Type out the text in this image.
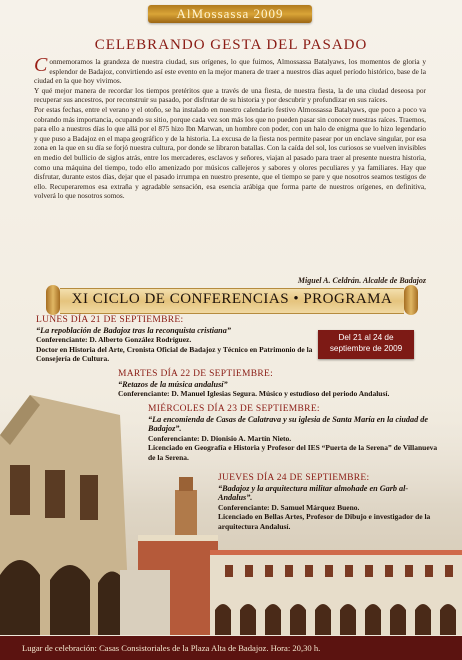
AlMossassa 2009
CELEBRANDO GESTA DEL PASADO

Conmemoramos la grandeza de nuestra ciudad, sus orígenes, lo que fuimos, Almossassa Batalyaws, los momentos de gloria y esplendor de Badajoz, convirtiendo así este evento en la mejor manera de traer a nuestros días aquel período histórico, base de la ciudad en la que hoy vivimos.

Y qué mejor manera de recordar los tiempos pretéritos que a través de una fiesta, de nuestra fiesta, la de una ciudad deseosa por recuperar sus ancestros, por reconstruir su pasado, por disfrutar de su historia y por descubrir y profundizar en sus raíces.

Por estas fechas, entre el verano y el otoño, se ha instalado en nuestro calendario festivo Almossassa Batalyaws, que poco a poco va cobrando más importancia, ocupando su sitio, porque cada vez son más los que no pueden pasar sin conocer nuestras raíces. Traemos, para ello a nuestros días lo que allá por el 875 hizo Ibn Marwan, un hombre con poder, con un halo de enigma que lo hizo legendario y que puso a Badajoz en el mapa geográfico y de la historia. La excusa de la fiesta nos permite pasear por un enclave singular, por esa zona en la que en su día se forjó nuestra cultura, por donde se libraron batallas. Con la caída del sol, los curiosos se vuelven invisibles en medio del bullicio de siglos atrás, entre los mercaderes, esclavos y señores, viajan al pasado para traer al presente nuestra historia, como una máquina del tiempo, todo ello amenizado por músicos callejeros y sabores y olores peculiares y ya familiares. Hay que disfrutar, durante estos días, dejar que el pasado irrumpa en nuestro presente, que el tiempo se pare y que nosotros seamos testigos de ello. Recuperaremos esa extraña y agradable sensación, esa esencia arábiga que forma parte de nuestros orígenes, en definitiva, volverá lo que nosotros somos.

Miguel A. Celdrán. Alcalde de Badajoz
XI CICLO DE CONFERENCIAS • PROGRAMA
Del 21 al 24 de septiembre de 2009
LUNES DÍA 21 DE SEPTIEMBRE:
“La repoblación de Badajoz tras la reconquista cristiana”
Conferenciante: D. Alberto González Rodríguez.
Doctor en Historia del Arte, Cronista Oficial de Badajoz y Técnico en Patrimonio de la Consejería de Cultura.
MARTES DÍA 22 DE SEPTIEMBRE:
“Retazos de la música andalusí”
Conferenciante: D. Manuel Iglesias Segura. Músico y estudioso del periodo Andalusí.
MIÉRCOLES DÍA 23 DE SEPTIEMBRE:
“La encomienda de Casas de Calatrava y su iglesia de Santa María en la ciudad de Badajoz”.
Conferenciante: D. Dionisio A. Martín Nieto.
Licenciado en Geografía e Historia y Profesor del IES “Puerta de la Serena” de Villanueva de la Serena.
JUEVES DÍA 24 DE SEPTIEMBRE:
“Badajoz y la arquitectura militar almohade en Garb al-Andalus”.
Conferenciante: D. Samuel Márquez Bueno.
Licenciado en Bellas Artes, Profesor de Dibujo e investigador de la arquitectura Andalusí.
Lugar de celebración: Casas Consistoriales de la Plaza Alta de Badajoz. Hora: 20,30 h.
